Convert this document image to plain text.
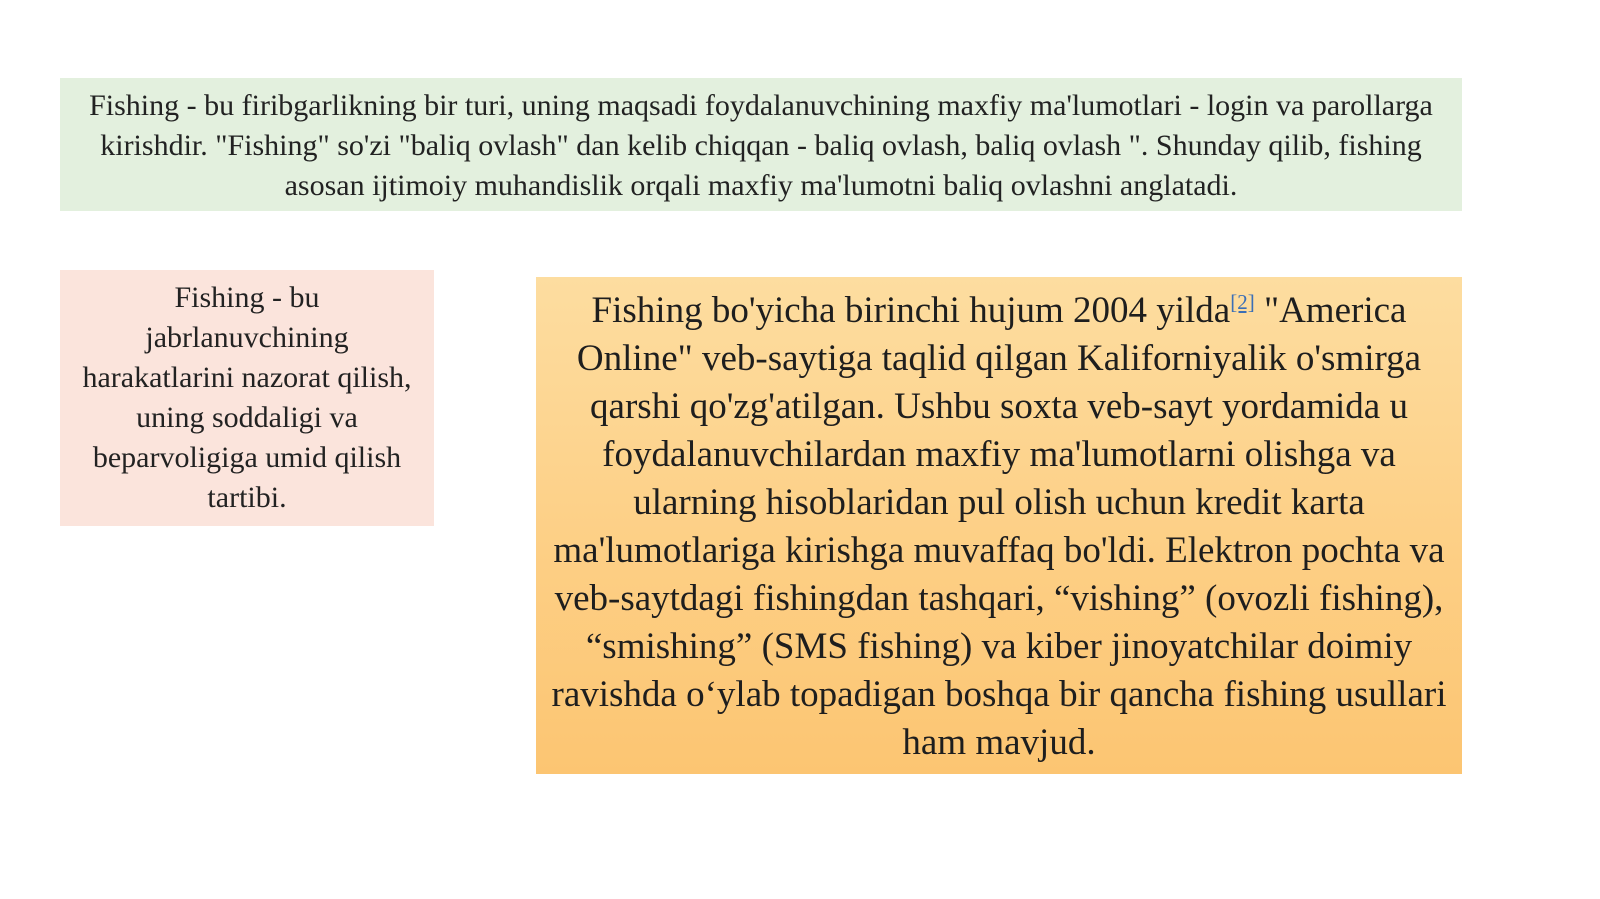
Fishing - bu firibgarlikning bir turi, uning maqsadi foydalanuvchining maxfiy ma'lumotlari - login va parollarga kirishdir. "Fishing" so'zi "baliq ovlash" dan kelib chiqqan - baliq ovlash, baliq ovlash ". Shunday qilib, fishing asosan ijtimoiy muhandislik orqali maxfiy ma'lumotni baliq ovlashni anglatadi.
Fishing - bu jabrlanuvchining harakatlarini nazorat qilish, uning soddaligi va beparvoligiga umid qilish tartibi.
Fishing bo'yicha birinchi hujum 2004 yilda[2] "America Online" veb-saytiga taqlid qilgan Kaliforniyalik o'smirga qarshi qo'zg'atilgan. Ushbu soxta veb-sayt yordamida u foydalanuvchilardan maxfiy ma'lumotlarni olishga va ularning hisoblaridan pul olish uchun kredit karta ma'lumotlariga kirishga muvaffaq bo'ldi. Elektron pochta va veb-saytdagi fishingdan tashqari, “vishing” (ovozli fishing), “smishing” (SMS fishing) va kiber jinoyatchilar doimiy ravishda o‘ylab topadigan boshqa bir qancha fishing usullari ham mavjud.
